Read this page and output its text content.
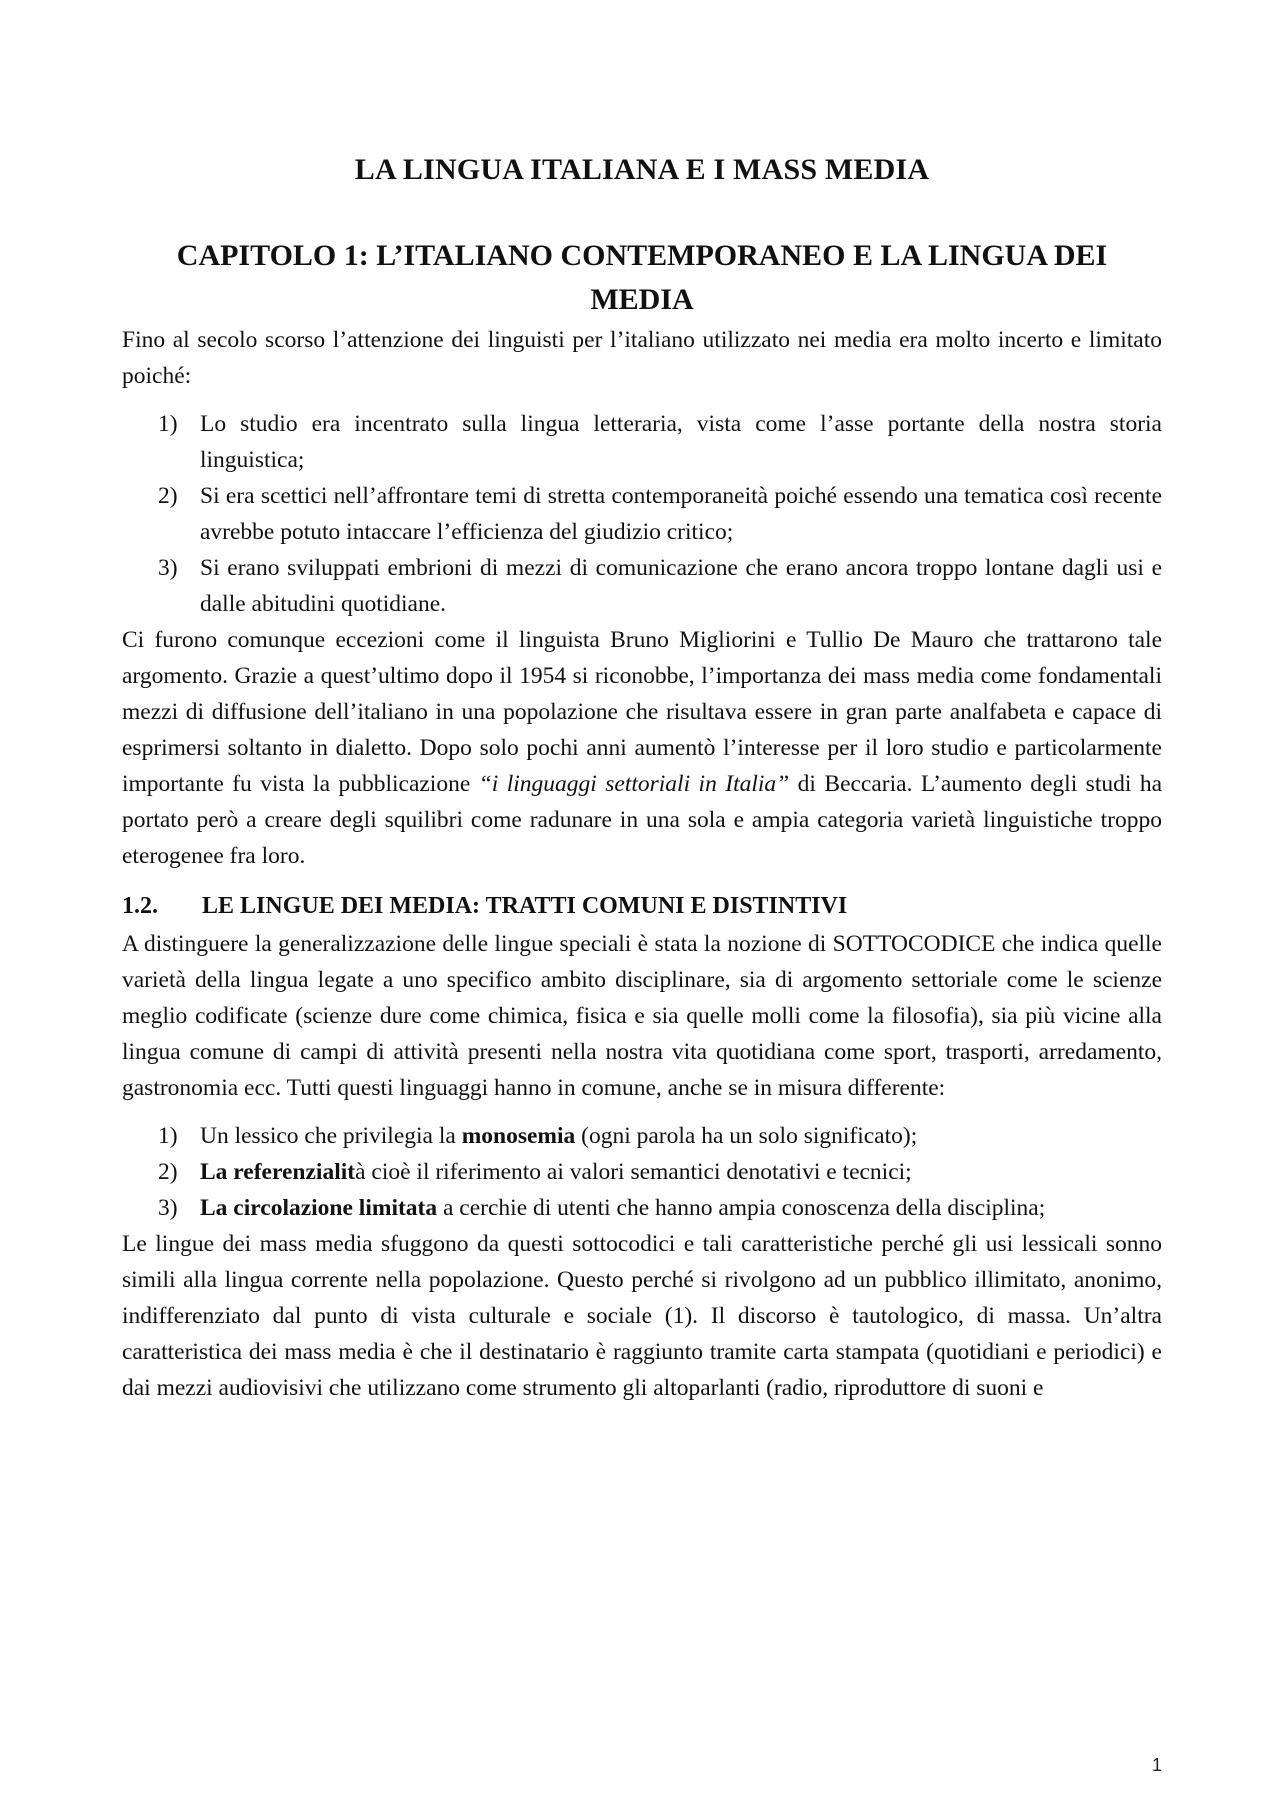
LA LINGUA ITALIANA E I MASS MEDIA
CAPITOLO 1: L’ITALIANO CONTEMPORANEO E LA LINGUA DEI MEDIA

Fino al secolo scorso l’attenzione dei linguisti per l’italiano utilizzato nei media era molto incerto e limitato poiché:

1) Lo studio era incentrato sulla lingua letteraria, vista come l’asse portante della nostra storia linguistica;
2) Si era scettici nell’affrontare temi di stretta contemporaneità poiché essendo una tematica così recente avrebbe potuto intaccare l’efficienza del giudizio critico;
3) Si erano sviluppati embrioni di mezzi di comunicazione che erano ancora troppo lontane dagli usi e dalle abitudini quotidiane.

Ci furono comunque eccezioni come il linguista Bruno Migliorini e Tullio De Mauro che trattarono tale argomento. Grazie a quest’ultimo dopo il 1954 si riconobbe, l’importanza dei mass media come fondamentali mezzi di diffusione dell’italiano in una popolazione che risultava essere in gran parte analfabeta e capace di esprimersi soltanto in dialetto. Dopo solo pochi anni aumentò l’interesse per il loro studio e particolarmente importante fu vista la pubblicazione “i linguaggi settoriali in Italia” di Beccaria. L’aumento degli studi ha portato però a creare degli squilibri come radunare in una sola e ampia categoria varietà linguistiche troppo eterogenee fra loro.

1.2. LE LINGUE DEI MEDIA: TRATTI COMUNI E DISTINTIVI

A distinguere la generalizzazione delle lingue speciali è stata la nozione di SOTTOCODICE che indica quelle varietà della lingua legate a uno specifico ambito disciplinare, sia di argomento settoriale come le scienze meglio codificate (scienze dure come chimica, fisica e sia quelle molli come la filosofia), sia più vicine alla lingua comune di campi di attività presenti nella nostra vita quotidiana come sport, trasporti, arredamento, gastronomia ecc. Tutti questi linguaggi hanno in comune, anche se in misura differente:

1) Un lessico che privilegia la monosemia (ogni parola ha un solo significato);
2) La referenzialità cioè il riferimento ai valori semantici denotativi e tecnici;
3) La circolazione limitata a cerchie di utenti che hanno ampia conoscenza della disciplina;

Le lingue dei mass media sfuggono da questi sottocodici e tali caratteristiche perché gli usi lessicali sonno simili alla lingua corrente nella popolazione. Questo perché si rivolgono ad un pubblico illimitato, anonimo, indifferenziato dal punto di vista culturale e sociale (1). Il discorso è tautologico, di massa. Un’altra caratteristica dei mass media è che il destinatario è raggiunto tramite carta stampata (quotidiani e periodici) e dai mezzi audiovisivi che utilizzano come strumento gli altoparlanti (radio, riproduttore di suoni e

1
